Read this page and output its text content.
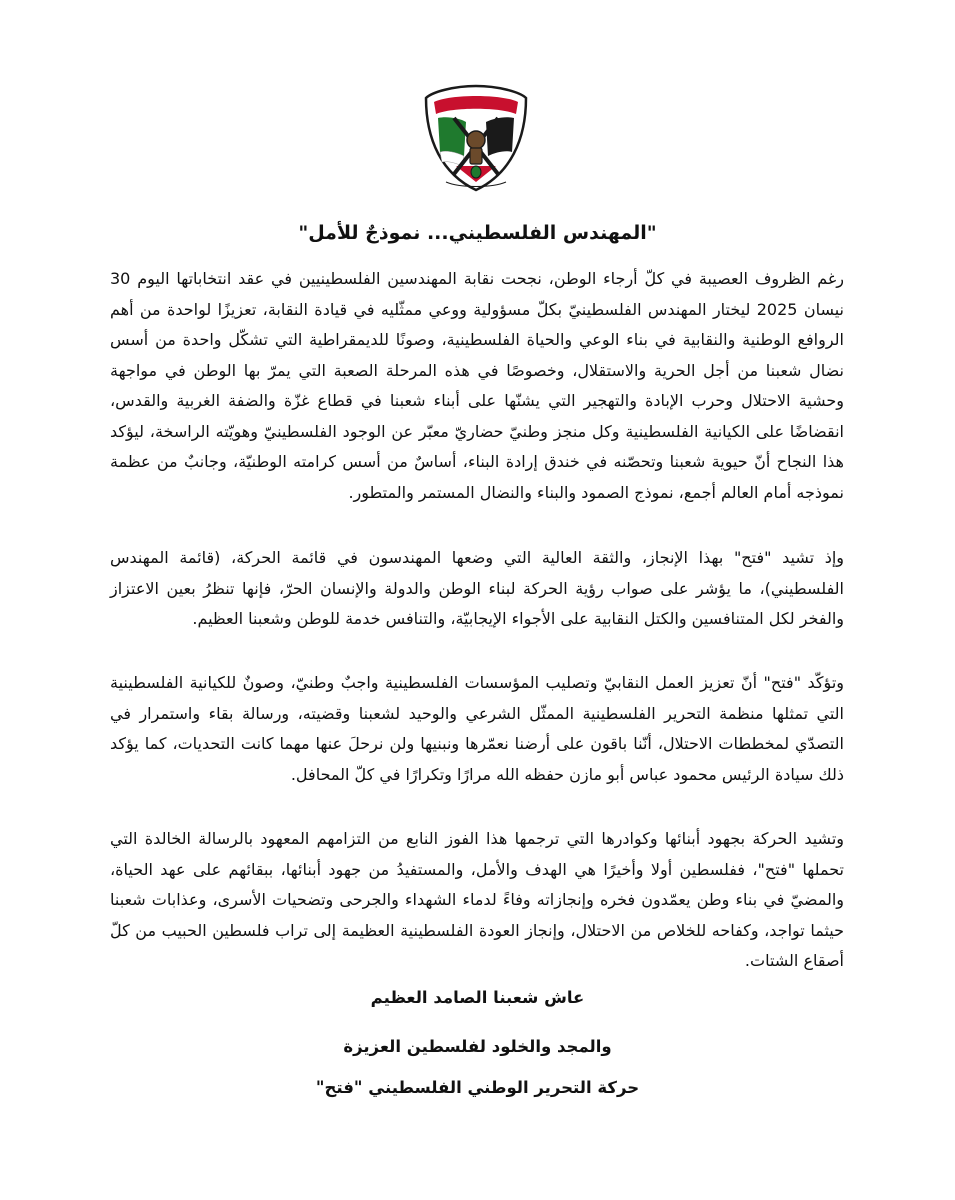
"المهندس الفلسطيني... نموذجٌ للأمل"

رغم الظروف العصيبة في كلّ أرجاء الوطن، نجحت نقابة المهندسين الفلسطينيين في عقد انتخاباتها اليوم 30 نيسان 2025 ليختار المهندس الفلسطينيّ بكلّ مسؤولية ووعي ممثّليه في قيادة النقابة، تعزيزًا لواحدة من أهم الروافع الوطنية والنقابية في بناء الوعي والحياة الفلسطينية، وصونًا للديمقراطية التي تشكّل واحدة من أسس نضال شعبنا من أجل الحرية والاستقلال، وخصوصًا في هذه المرحلة الصعبة التي يمرّ بها الوطن في مواجهة وحشية الاحتلال وحرب الإبادة والتهجير التي يشنّها على أبناء شعبنا في قطاع غزّة والضفة الغربية والقدس، انقضاضًا على الكيانية الفلسطينية وكل منجز وطنيّ حضاريّ معبّر عن الوجود الفلسطينيّ وهويّته الراسخة، ليؤكد هذا النجاح أنّ حيوية شعبنا وتحصّنه في خندق إرادة البناء، أساسٌ من أسس كرامته الوطنيّة، وجانبٌ من عظمة نموذجه أمام العالم أجمع، نموذج الصمود والبناء والنضال المستمر والمتطور.

وإذ تشيد "فتح" بهذا الإنجاز، والثقة العالية التي وضعها المهندسون في قائمة الحركة، (قائمة المهندس الفلسطيني)، ما يؤشر على صواب رؤية الحركة لبناء الوطن والدولة والإنسان الحرّ، فإنها تنظرُ بعين الاعتزاز والفخر لكل المتنافسين والكتل النقابية على الأجواء الإيجابيّة، والتنافس خدمة للوطن وشعبنا العظيم.

وتؤكّد "فتح" أنّ تعزيز العمل النقابيّ وتصليب المؤسسات الفلسطينية واجبٌ وطنيّ، وصونٌ للكيانية الفلسطينية التي تمثلها منظمة التحرير الفلسطينية الممثّل الشرعي والوحيد لشعبنا وقضيته، ورسالة بقاء واستمرار في التصدّي لمخططات الاحتلال، أنّنا باقون على أرضنا نعمّرها ونبنيها ولن نرحلَ عنها مهما كانت التحديات، كما يؤكد ذلك سيادة الرئيس محمود عباس أبو مازن حفظه الله مرارًا وتكرارًا في كلّ المحافل.

وتشيد الحركة بجهود أبنائها وكوادرها التي ترجمها هذا الفوز النابع من التزامهم المعهود بالرسالة الخالدة التي تحملها "فتح"، ففلسطين أولا وأخيرًا هي الهدف والأمل، والمستفيدُ من جهود أبنائها، ببقائهم على عهد الحياة، والمضيّ في بناء وطن يعمّدون فخره وإنجازاته وفاءً لدماء الشهداء والجرحى وتضحيات الأسرى، وعذابات شعبنا حيثما تواجد، وكفاحه للخلاص من الاحتلال، وإنجاز العودة الفلسطينية العظيمة إلى تراب فلسطين الحبيب من كلّ أصقاع الشتات.

عاش شعبنا الصامد العظيم

والمجد والخلود لفلسطين العزيزة

حركة التحرير الوطني الفلسطيني "فتح"
